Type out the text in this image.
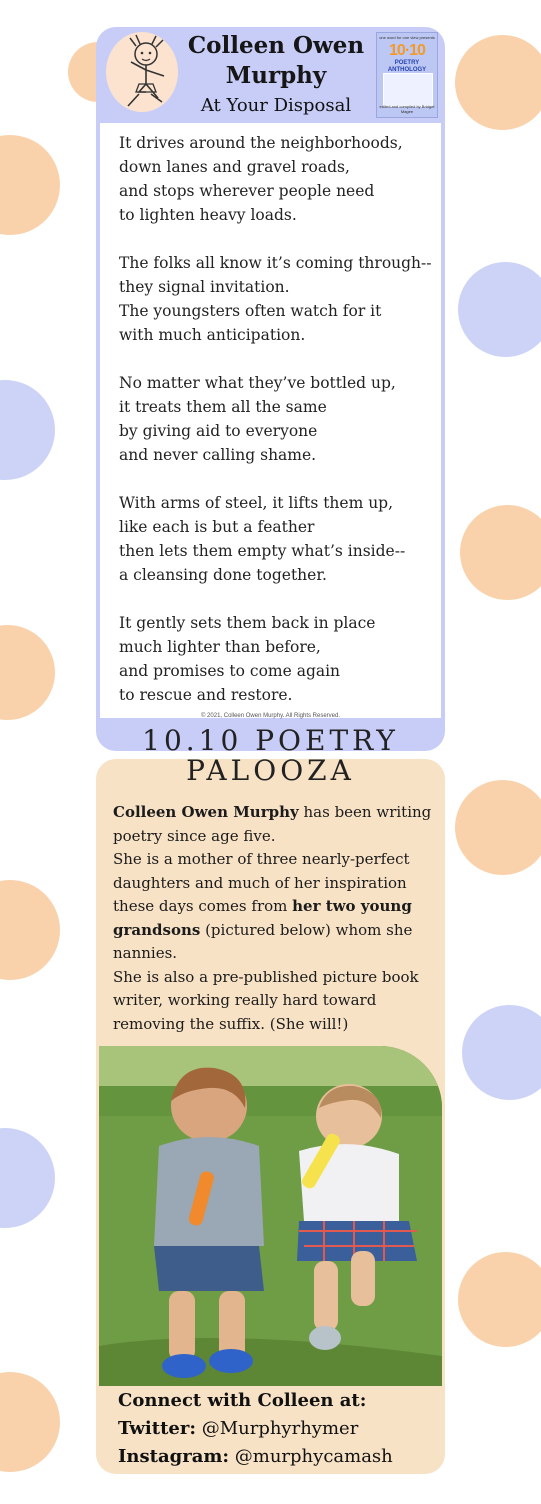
Colleen Owen Murphy
At Your Disposal
one word for one view presents
10·10
POETRY ANTHOLOGY
edited and compiled by Bridget Magee
It drives around the neighborhoods,
down lanes and gravel roads,
and stops wherever people need
to lighten heavy loads.
The folks all know it’s coming through--
they signal invitation.
The youngsters often watch for it
with much anticipation.
No matter what they’ve bottled up,
it treats them all the same
by giving aid to everyone
and never calling shame.
With arms of steel, it lifts them up,
like each is but a feather
then lets them empty what’s inside--
a cleansing done together.
It gently sets them back in place
much lighter than before,
and promises to come again
to rescue and restore.
© 2021, Colleen Owen Murphy. All Rights Reserved.

Colleen Owen Murphy has been writing poetry since age five.

She is a mother of three nearly-perfect daughters and much of her inspiration these days comes from her two young grandsons (pictured below) whom she nannies.

She is also a pre-published picture book writer, working really hard toward removing the suffix. (She will!)

Connect with Colleen at:
Twitter: @Murphyrhymer
Instagram: @murphycamash
10.10 POETRY PALOOZA
